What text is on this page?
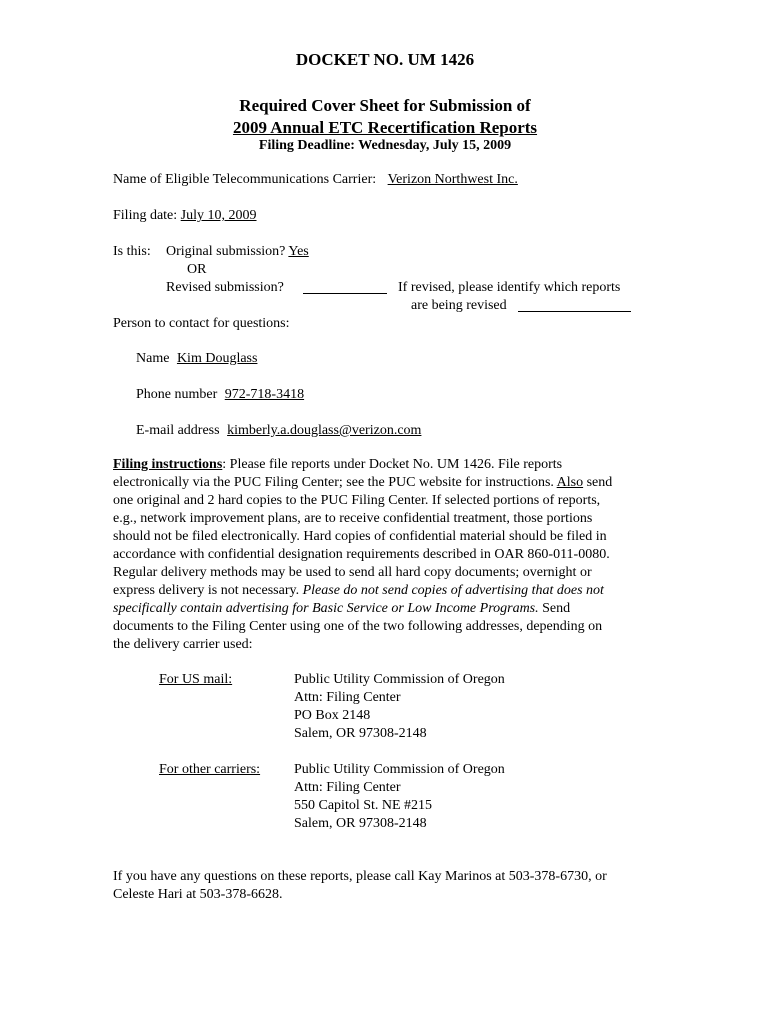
DOCKET NO. UM 1426
Required Cover Sheet for Submission of
2009 Annual ETC Recertification Reports
Filing Deadline: Wednesday, July 15, 2009
Name of Eligible Telecommunications Carrier: Verizon Northwest Inc.
Filing date: July 10, 2009
Is this: Original submission? Yes
OR
Revised submission?	If revised, please identify which reports
are being revised
Person to contact for questions:
Name Kim Douglass
Phone number 972-718-3418
E-mail address kimberly.a.douglass@verizon.com
Filing instructions: Please file reports under Docket No. UM 1426. File reports
electronically via the PUC Filing Center; see the PUC website for instructions. Also send
one original and 2 hard copies to the PUC Filing Center. If selected portions of reports,
e.g., network improvement plans, are to receive confidential treatment, those portions
should not be filed electronically. Hard copies of confidential material should be filed in
accordance with confidential designation requirements described in OAR 860-011-0080.
Regular delivery methods may be used to send all hard copy documents; overnight or
express delivery is not necessary. Please do not send copies of advertising that does not
specifically contain advertising for Basic Service or Low Income Programs. Send
documents to the Filing Center using one of the two following addresses, depending on
the delivery carrier used:
For US mail:	Public Utility Commission of Oregon
Attn: Filing Center
PO Box 2148
Salem, OR 97308-2148
For other carriers: Public Utility Commission of Oregon
Attn: Filing Center
550 Capitol St. NE #215
Salem, OR 97308-2148
If you have any questions on these reports, please call Kay Marinos at 503-378-6730, or
Celeste Hari at 503-378-6628.
